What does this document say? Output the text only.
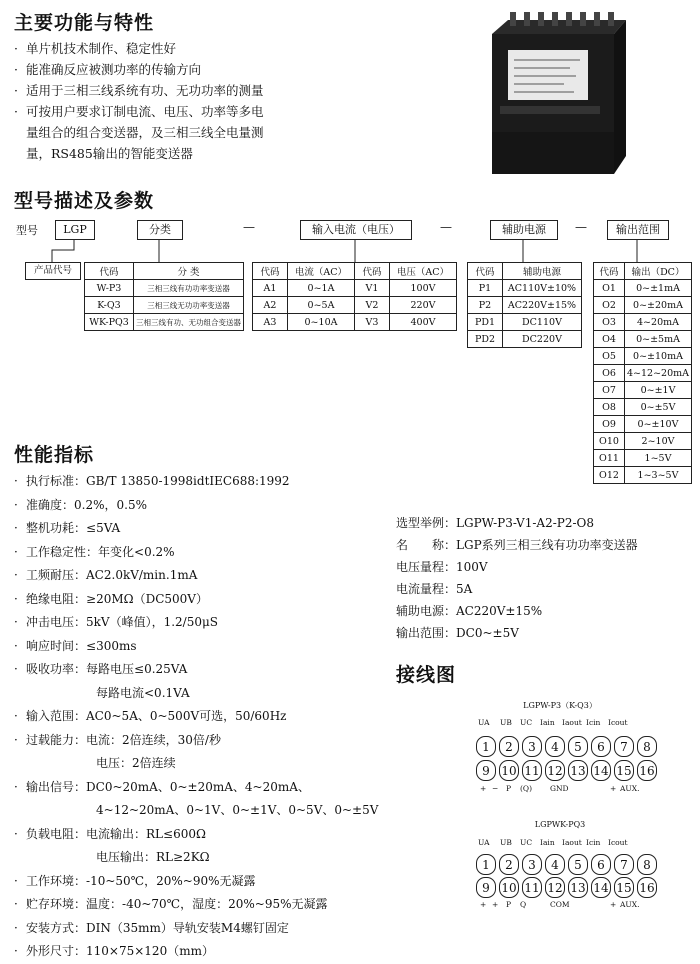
主要功能与特性
· 单片机技术制作、稳定性好
· 能准确反应被测功率的传输方向
· 适用于三相三线系统有功、无功功率的测量
· 可按用户要求订制电流、电压、功率等多电
量组合的组合变送器，及三相三线全电量测
量，RS485输出的智能变送器
型号描述及参数
型号	LGP	分类	—	输入电流（电压）	—	辅助电源	—	输出范围
产品代号	代码	分 类
W-P3	三相三线有功功率变送器
K-Q3	三相三线无功功率变送器
WK-PQ3	三相三线有功、无功组合变送器
代码	电流（AC）	代码	电压（AC）
A1	0~1A	V1	100V
A2	0~5A	V2	220V
A3	0~10A	V3	400V
代码	辅助电源
P1	AC110V±10%
P2	AC220V±15%
PD1	DC110V
PD2	DC220V
代码	输出（DC）
O1	0~±1mA
O2	0~±20mA
O3	4~20mA
O4	0~±5mA
O5	0~±10mA
O6	4~12~20mA
O7	0~±1V
O8	0~±5V
O9	0~±10V
O10	2~10V
O11	1~5V
O12	1~3~5V
性能指标
· 执行标准：GB/T 13850-1998idtIEC688:1992
· 准确度：0.2%，0.5%
· 整机功耗：≤5VA
· 工作稳定性：年变化<0.2%
· 工频耐压：AC2.0kV/min.1mA
· 绝缘电阻：≥20MΩ（DC500V）
· 冲击电压：5kV（峰值），1.2/50μS
· 响应时间：≤300ms
· 吸收功率：每路电压≤0.25VA
每路电流<0.1VA
· 输入范围：AC0~5A、0~500V可选，50/60Hz
· 过载能力：电流：2倍连续，30倍/秒
电压：2倍连续
· 输出信号：DC0~20mA、0~±20mA、4~20mA、
4~12~20mA、0~1V、0~±1V、0~5V、0~±5V
· 负载电阻：电流输出：RL≤600Ω
电压输出：RL≥2KΩ
· 工作环境：-10~50℃，20%~90%无凝露
· 贮存环境：温度：-40~70℃，湿度：20%~95%无凝露
· 安装方式：DIN（35mm）导轨安装M4螺钉固定
· 外形尺寸：110×75×120（mm）
选型举例：LGPW-P3-V1-A2-P2-O8
名　　称：LGP系列三相三线有功功率变送器
电压量程：100V
电流量程：5A
辅助电源：AC220V±15%
输出范围：DC0~±5V
接线图
LGPW-P3（K-Q3）
UA	UB	UC	Iain Iaout Icin	Icout
1	2	3	4	5	6	7	8
9 10 11 12 13 14 15 16
+ −	P	(Q)	GND	+ AUX.
LGPWK-PQ3
UA	UB	UC	Iain Iaout Icin	Icout
1	2	3	4	5	6	7	8
9 10 11 12 13 14 15 16
+ +	P	Q	COM	+ AUX.
